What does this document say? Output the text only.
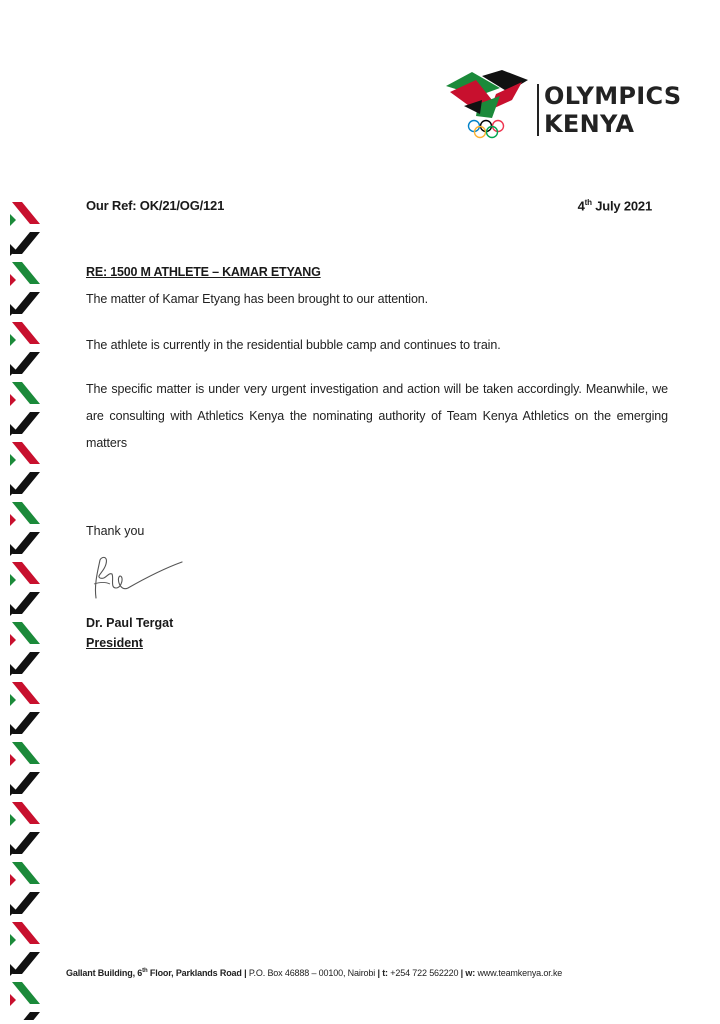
OLYMPICS
KENYA
Our Ref: OK/21/OG/121	4th July 2021
RE: 1500 M ATHLETE – KAMAR ETYANG
The matter of Kamar Etyang has been brought to our attention.
The athlete is currently in the residential bubble camp and continues to train.
The specific matter is under very urgent investigation and action will be taken accordingly. Meanwhile, we are consulting with Athletics Kenya the nominating authority of Team Kenya Athletics on the emerging matters
Thank you
Dr. Paul Tergat
President
Gallant Building, 6th Floor, Parklands Road | P.O. Box 46888 – 00100, Nairobi | t: +254 722 562220 | w: www.teamkenya.or.ke
